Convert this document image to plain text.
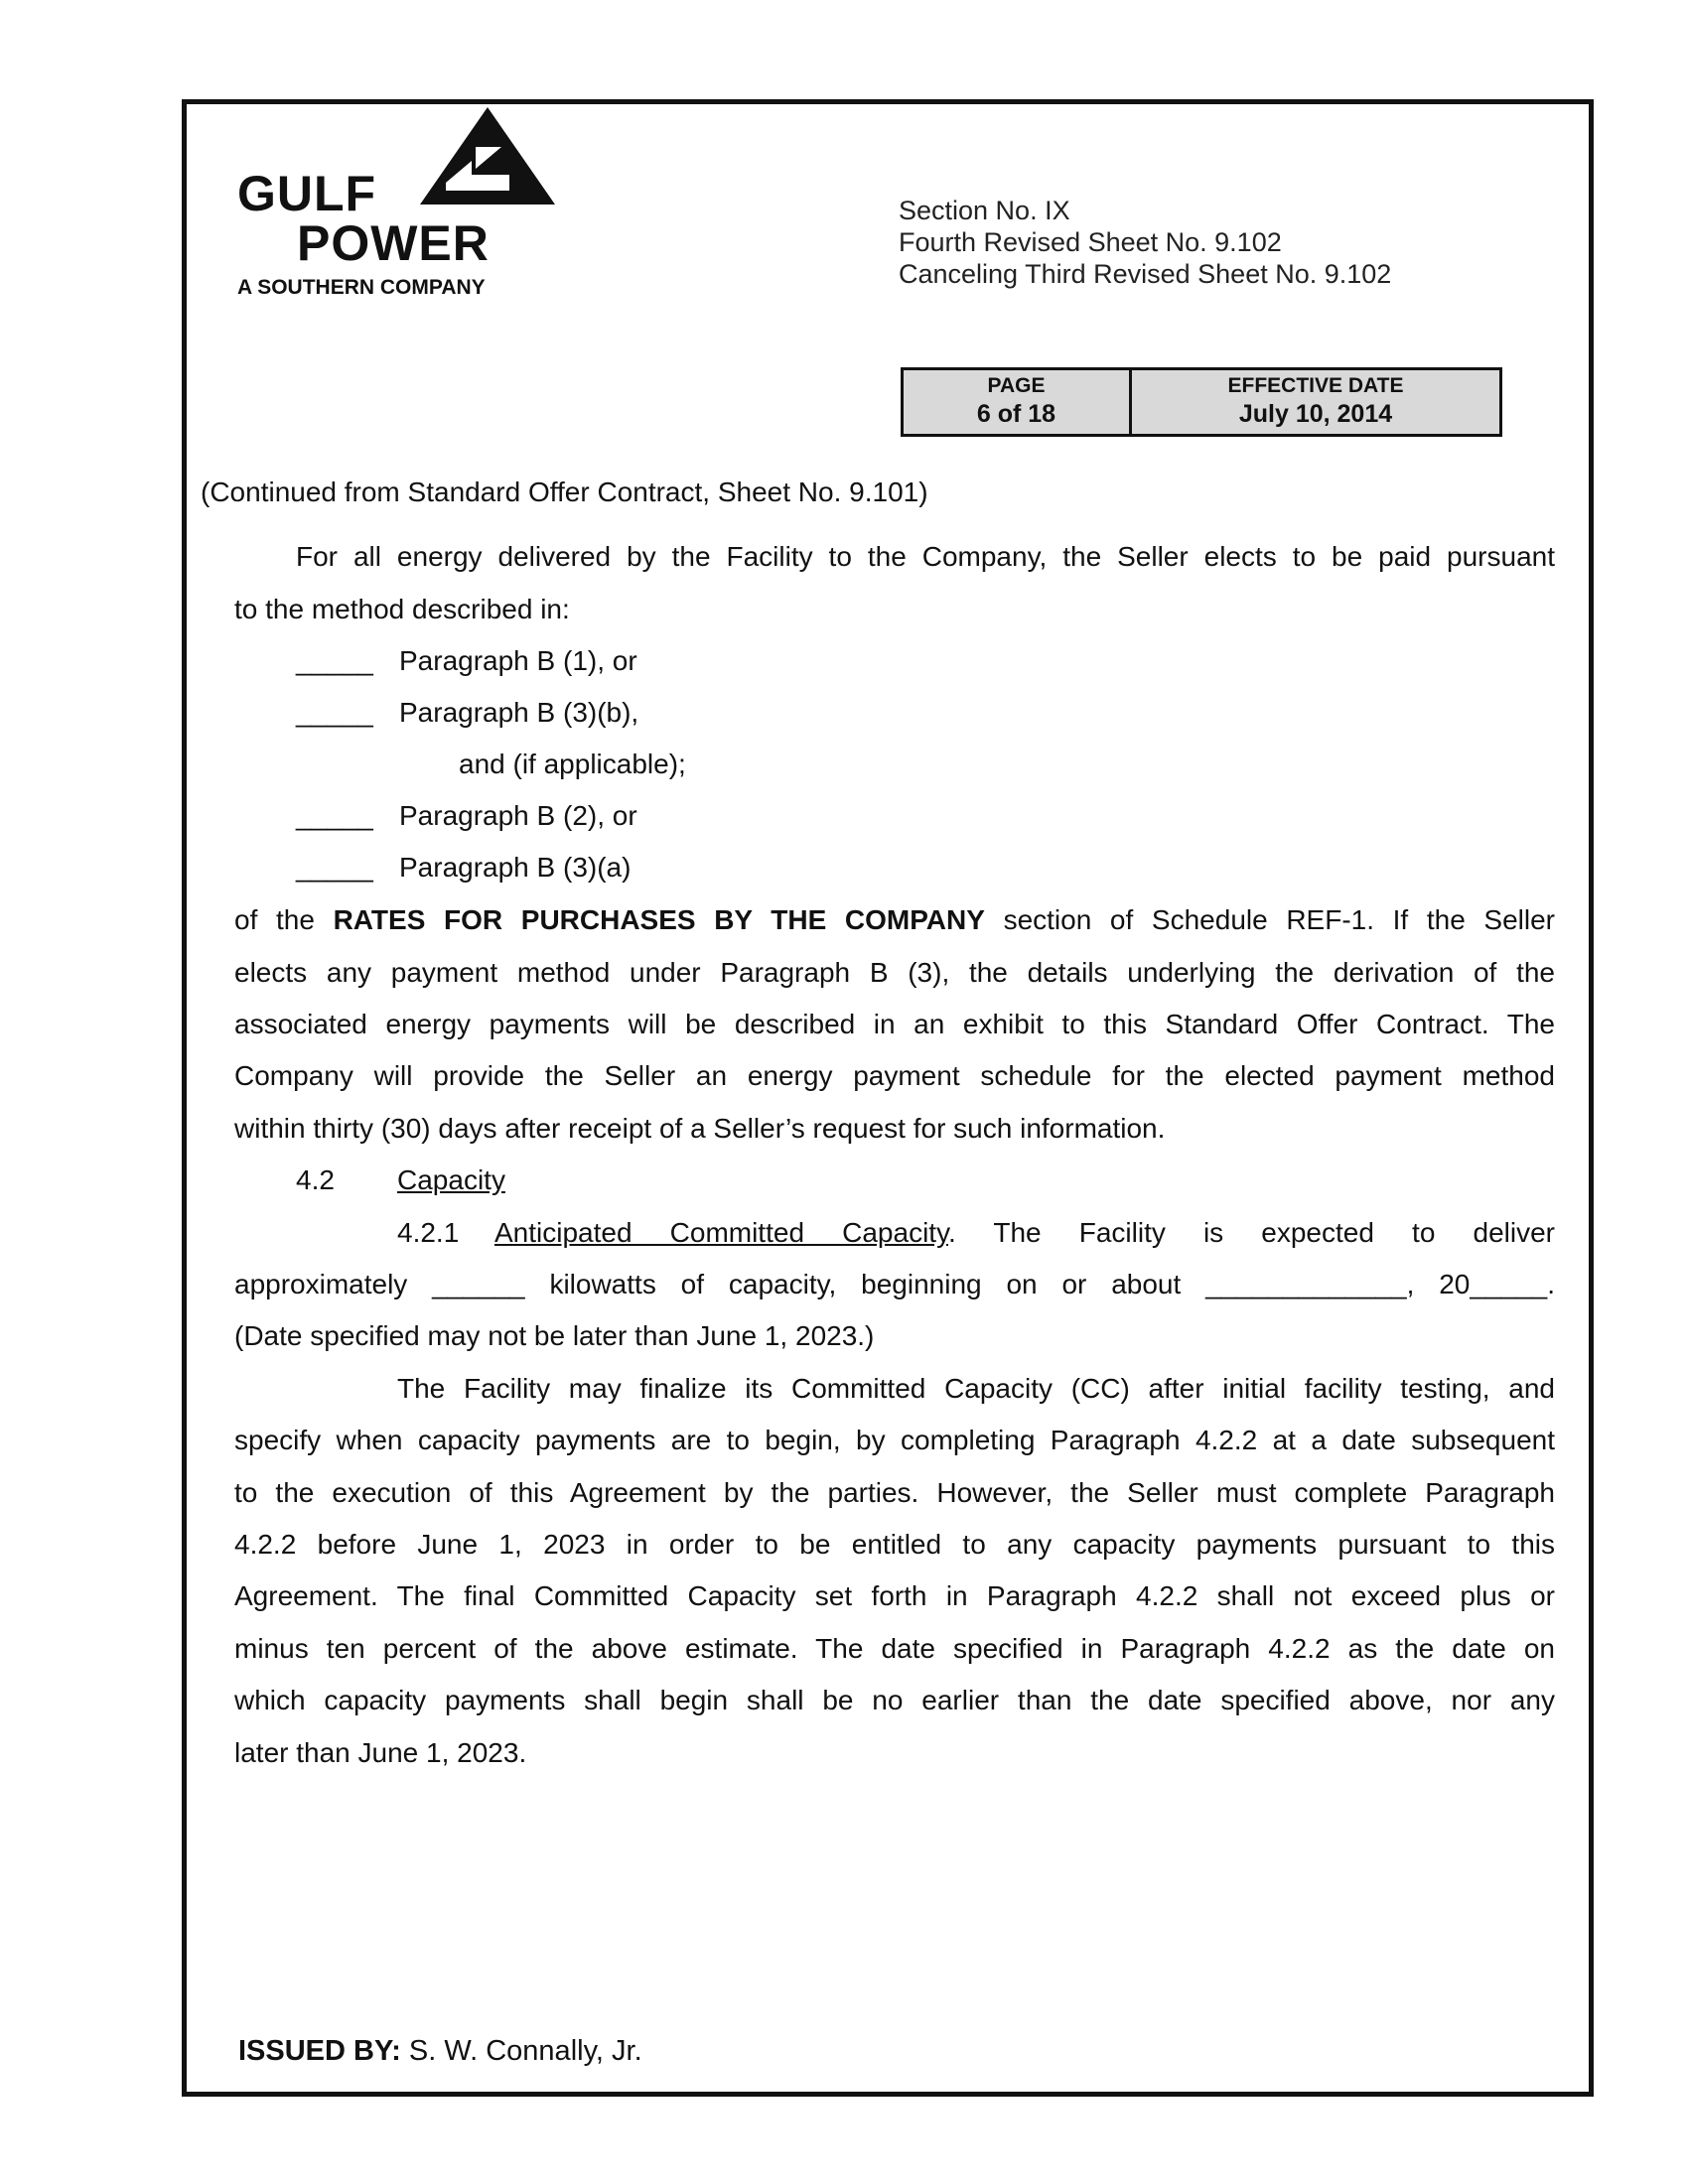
GULF
POWER
A SOUTHERN COMPANY
Section No. IX
Fourth Revised Sheet No. 9.102
Canceling Third Revised Sheet No. 9.102
PAGE
6 of 18
EFFECTIVE DATE
July 10, 2014
(Continued from Standard Offer Contract, Sheet No. 9.101)
For all energy delivered by the Facility to the Company, the Seller elects to be paid pursuant
to the method described in:
_____ Paragraph B (1), or
_____ Paragraph B (3)(b),
and (if applicable);
_____ Paragraph B (2), or
_____ Paragraph B (3)(a)
of the RATES FOR PURCHASES BY THE COMPANY section of Schedule REF-1. If the Seller
elects any payment method under Paragraph B (3), the details underlying the derivation of the
associated energy payments will be described in an exhibit to this Standard Offer Contract. The
Company will provide the Seller an energy payment schedule for the elected payment method
within thirty (30) days after receipt of a Seller’s request for such information.
4.2 Capacity
4.2.1 Anticipated Committed Capacity. The Facility is expected to deliver
approximately ______ kilowatts of capacity, beginning on or about _____________, 20_____.
(Date specified may not be later than June 1, 2023.)
The Facility may finalize its Committed Capacity (CC) after initial facility testing, and
specify when capacity payments are to begin, by completing Paragraph 4.2.2 at a date subsequent
to the execution of this Agreement by the parties. However, the Seller must complete Paragraph
4.2.2 before June 1, 2023 in order to be entitled to any capacity payments pursuant to this
Agreement. The final Committed Capacity set forth in Paragraph 4.2.2 shall not exceed plus or
minus ten percent of the above estimate. The date specified in Paragraph 4.2.2 as the date on
which capacity payments shall begin shall be no earlier than the date specified above, nor any
later than June 1, 2023.
ISSUED BY: S. W. Connally, Jr.
